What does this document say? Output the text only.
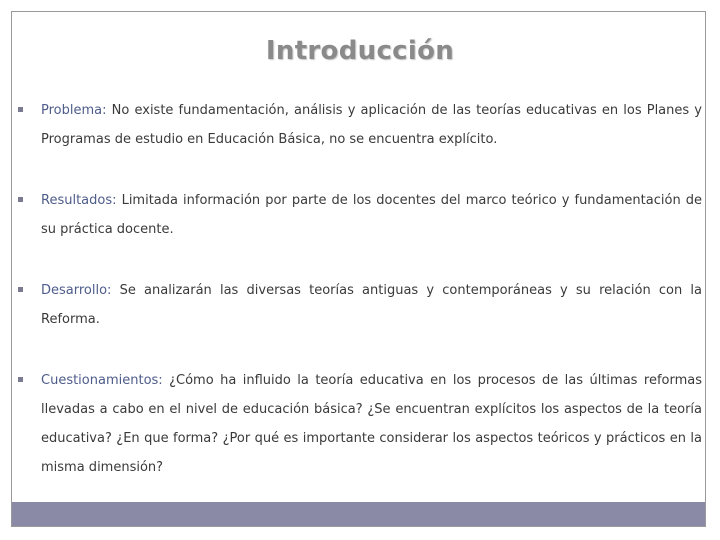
Introducción
Problema: No existe fundamentación, análisis y aplicación de las teorías educativas en los Planes y Programas de estudio en Educación Básica, no se encuentra explícito.
Resultados: Limitada información por parte de los docentes del marco teórico y fundamentación de su práctica docente.
Desarrollo: Se analizarán las diversas teorías antiguas y contemporáneas y su relación con la Reforma.
Cuestionamientos: ¿Cómo ha influido la teoría educativa en los procesos de las últimas reformas llevadas a cabo en el nivel de educación básica? ¿Se encuentran explícitos los aspectos de la teoría educativa? ¿En que forma? ¿Por qué es importante considerar los aspectos teóricos y prácticos en la misma dimensión?
